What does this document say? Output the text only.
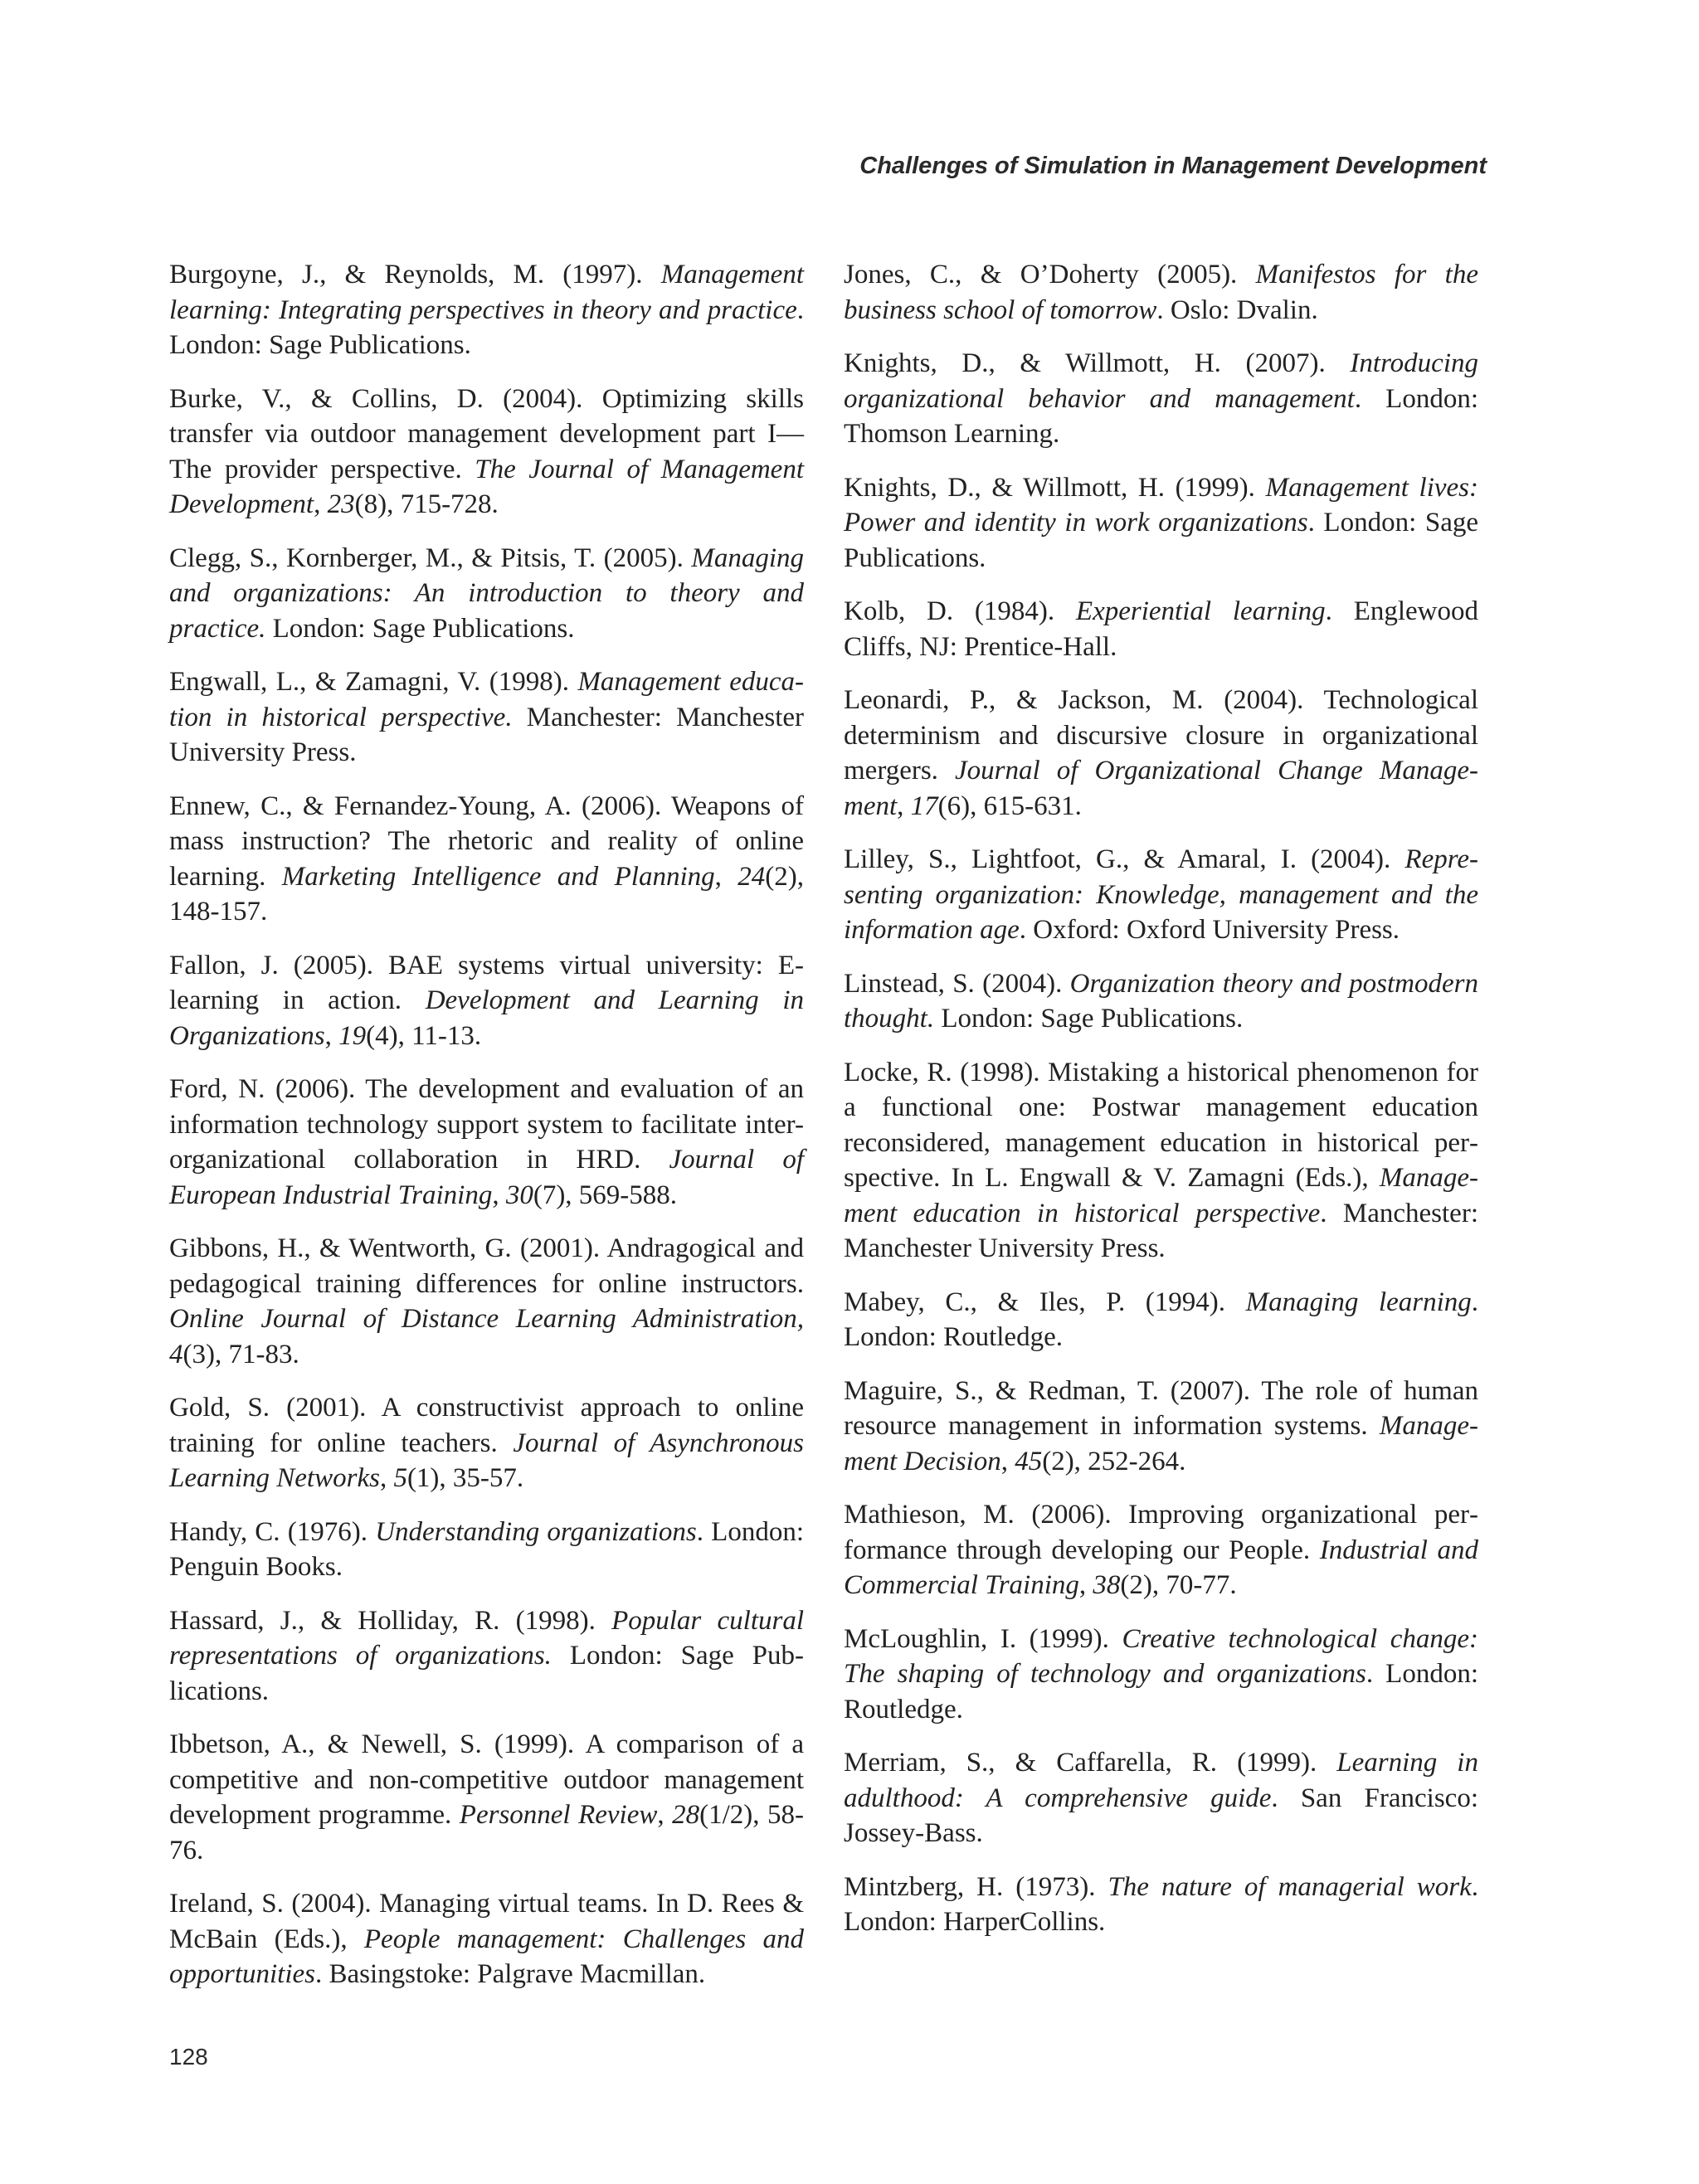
Challenges of Simulation in Management Development

Burgoyne, J., & Reynolds, M. (1997). Management learning: Integrating perspectives in theory and practice. London: Sage Publications.

Burke, V., & Collins, D. (2004). Optimizing skills transfer via outdoor management development part I—The provider perspective. The Journal of Management Development, 23(8), 715-728.

Clegg, S., Kornberger, M., & Pitsis, T. (2005). Managing and organizations: An introduction to theory and practice. London: Sage Publications.

Engwall, L., & Zamagni, V. (1998). Management education in historical perspective. Manchester: Manchester University Press.

Ennew, C., & Fernandez-Young, A. (2006). Weapons of mass instruction? The rhetoric and reality of online learning. Marketing Intelligence and Planning, 24(2), 148-157.

Fallon, J. (2005). BAE systems virtual university: E-learning in action. Development and Learning in Organizations, 19(4), 11-13.

Ford, N. (2006). The development and evaluation of an information technology support system to facilitate inter-organizational collaboration in HRD. Journal of European Industrial Training, 30(7), 569-588.

Gibbons, H., & Wentworth, G. (2001). Andragogical and pedagogical training differences for online instructors. Online Journal of Distance Learning Administration, 4(3), 71-83.

Gold, S. (2001). A constructivist approach to online training for online teachers. Journal of Asynchronous Learning Networks, 5(1), 35-57.

Handy, C. (1976). Understanding organizations. London: Penguin Books.

Hassard, J., & Holliday, R. (1998). Popular cultural representations of organizations. London: Sage Publications.

Ibbetson, A., & Newell, S. (1999). A comparison of a competitive and non-competitive outdoor management development programme. Personnel Review, 28(1/2), 58-76.

Ireland, S. (2004). Managing virtual teams. In D. Rees & McBain (Eds.), People management: Challenges and opportunities. Basingstoke: Palgrave Macmillan.

Jones, C., & O’Doherty (2005). Manifestos for the business school of tomorrow. Oslo: Dvalin.

Knights, D., & Willmott, H. (2007). Introducing organizational behavior and management. London: Thomson Learning.

Knights, D., & Willmott, H. (1999). Management lives: Power and identity in work organizations. London: Sage Publications.

Kolb, D. (1984). Experiential learning. Englewood Cliffs, NJ: Prentice-Hall.

Leonardi, P., & Jackson, M. (2004). Technological determinism and discursive closure in organizational mergers. Journal of Organizational Change Management, 17(6), 615-631.

Lilley, S., Lightfoot, G., & Amaral, I. (2004). Representing organization: Knowledge, management and the information age. Oxford: Oxford University Press.

Linstead, S. (2004). Organization theory and postmodern thought. London: Sage Publications.

Locke, R. (1998). Mistaking a historical phenomenon for a functional one: Postwar management education reconsidered, management education in historical perspective. In L. Engwall & V. Zamagni (Eds.), Management education in historical perspective. Manchester: Manchester University Press.

Mabey, C., & Iles, P. (1994). Managing learning. London: Routledge.

Maguire, S., & Redman, T. (2007). The role of human resource management in information systems. Management Decision, 45(2), 252-264.

Mathieson, M. (2006). Improving organizational performance through developing our People. Industrial and Commercial Training, 38(2), 70-77.

McLoughlin, I. (1999). Creative technological change: The shaping of technology and organizations. London: Routledge.

Merriam, S., & Caffarella, R. (1999). Learning in adulthood: A comprehensive guide. San Francisco: Jossey-Bass.

Mintzberg, H. (1973). The nature of managerial work. London: HarperCollins.

128
